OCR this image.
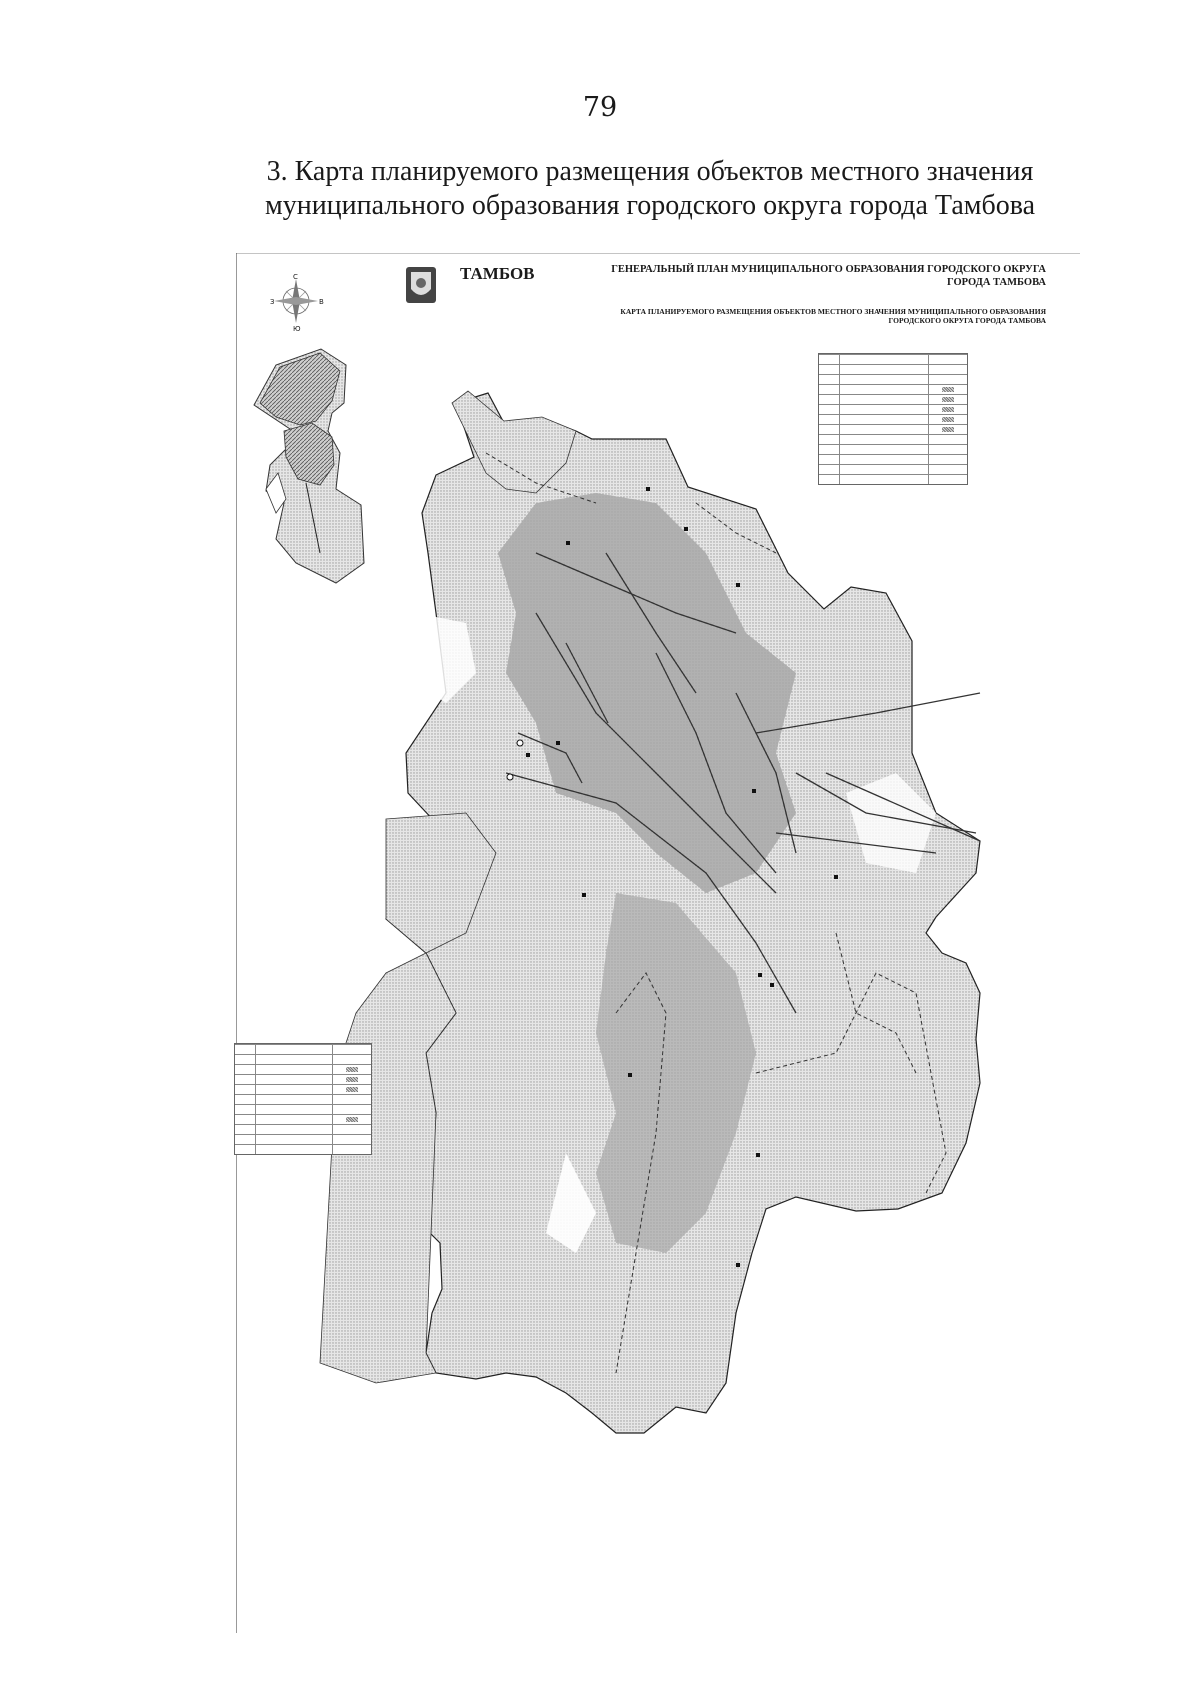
79
3. Карта планируемого размещения объектов местного значения
муниципального образования городского округа города Тамбова
С
Ю
З	В
ТАМБОВ	ГЕНЕРАЛЬНЫЙ ПЛАН МУНИЦИПАЛЬНОГО ОБРАЗОВАНИЯ ГОРОДСКОГО ОКРУГА ГОРОДА ТАМБОВА
КАРТА ПЛАНИРУЕМОГО РАЗМЕЩЕНИЯ ОБЪЕКТОВ МЕСТНОГО ЗНАЧЕНИЯ МУНИЦИПАЛЬНОГО ОБРАЗОВАНИЯ ГОРОДСКОГО ОКРУГА ГОРОДА ТАМБОВА
